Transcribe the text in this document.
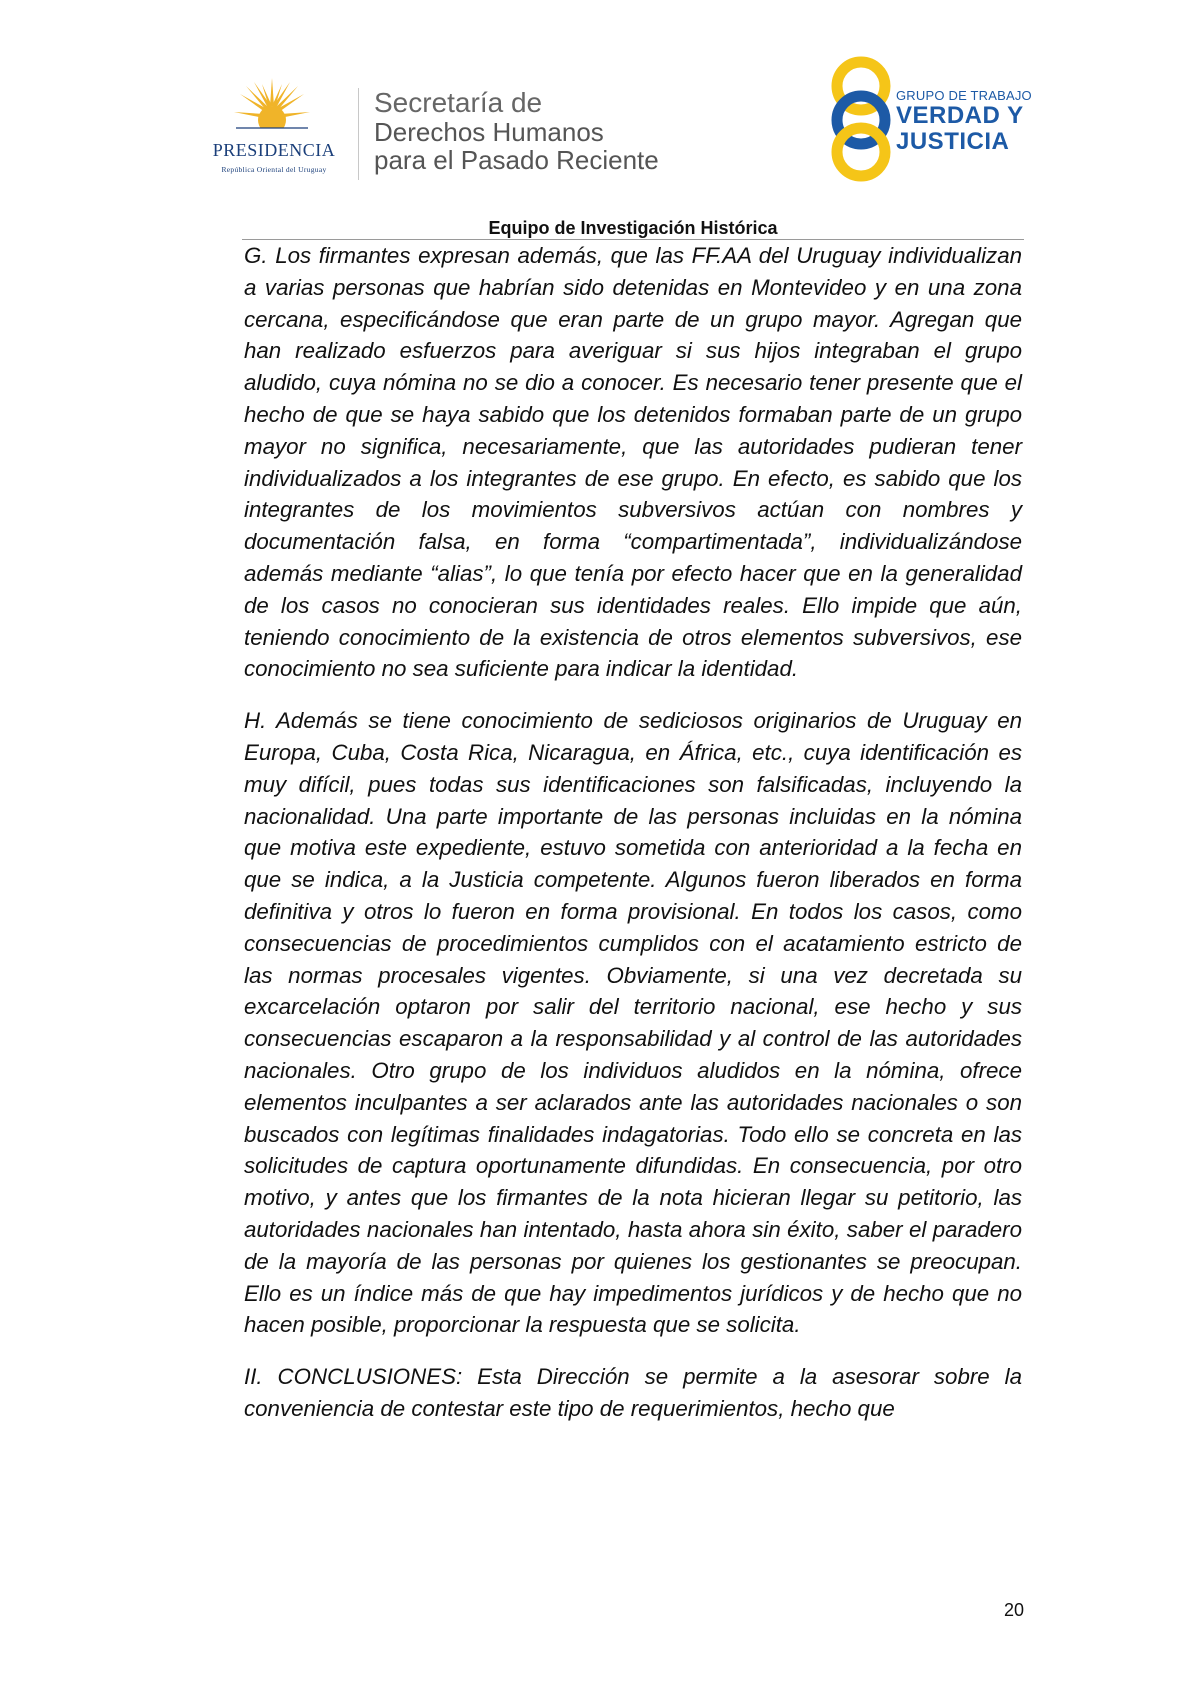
PRESIDENCIA
República Oriental del Uruguay
Secretaría de
Derechos Humanos
para el Pasado Reciente
GRUPO DE TRABAJO
VERDAD Y
JUSTICIA
Equipo de Investigación Histórica

G. Los firmantes expresan además, que las FF.AA del Uruguay individualizan a varias personas que habrían sido detenidas en Montevideo y en una zona cercana, especificándose que eran parte de un grupo mayor. Agregan que han realizado esfuerzos para averiguar si sus hijos integraban el grupo aludido, cuya nómina no se dio a conocer. Es necesario tener presente que el hecho de que se haya sabido que los detenidos formaban parte de un grupo mayor no significa, necesariamente, que las autoridades pudieran tener individualizados a los integrantes de ese grupo. En efecto, es sabido que los integrantes de los movimientos subversivos actúan con nombres y documentación falsa, en forma “compartimentada”, individualizándose además mediante “alias”, lo que tenía por efecto hacer que en la generalidad de los casos no conocieran sus identidades reales. Ello impide que aún, teniendo conocimiento de la existencia de otros elementos subversivos, ese conocimiento no sea suficiente para indicar la identidad.

H. Además se tiene conocimiento de sediciosos originarios de Uruguay en Europa, Cuba, Costa Rica, Nicaragua, en África, etc., cuya identificación es muy difícil, pues todas sus identificaciones son falsificadas, incluyendo la nacionalidad. Una parte importante de las personas incluidas en la nómina que motiva este expediente, estuvo sometida con anterioridad a la fecha en que se indica, a la Justicia competente. Algunos fueron liberados en forma definitiva y otros lo fueron en forma provisional. En todos los casos, como consecuencias de procedimientos cumplidos con el acatamiento estricto de las normas procesales vigentes. Obviamente, si una vez decretada su excarcelación optaron por salir del territorio nacional, ese hecho y sus consecuencias escaparon a la responsabilidad y al control de las autoridades nacionales. Otro grupo de los individuos aludidos en la nómina, ofrece elementos inculpantes a ser aclarados ante las autoridades nacionales o son buscados con legítimas finalidades indagatorias. Todo ello se concreta en las solicitudes de captura oportunamente difundidas. En consecuencia, por otro motivo, y antes que los firmantes de la nota hicieran llegar su petitorio, las autoridades nacionales han intentado, hasta ahora sin éxito, saber el paradero de la mayoría de las personas por quienes los gestionantes se preocupan. Ello es un índice más de que hay impedimentos jurídicos y de hecho que no hacen posible, proporcionar la respuesta que se solicita.

II. CONCLUSIONES: Esta Dirección se permite a la asesorar sobre la conveniencia de contestar este tipo de requerimientos, hecho que

20
